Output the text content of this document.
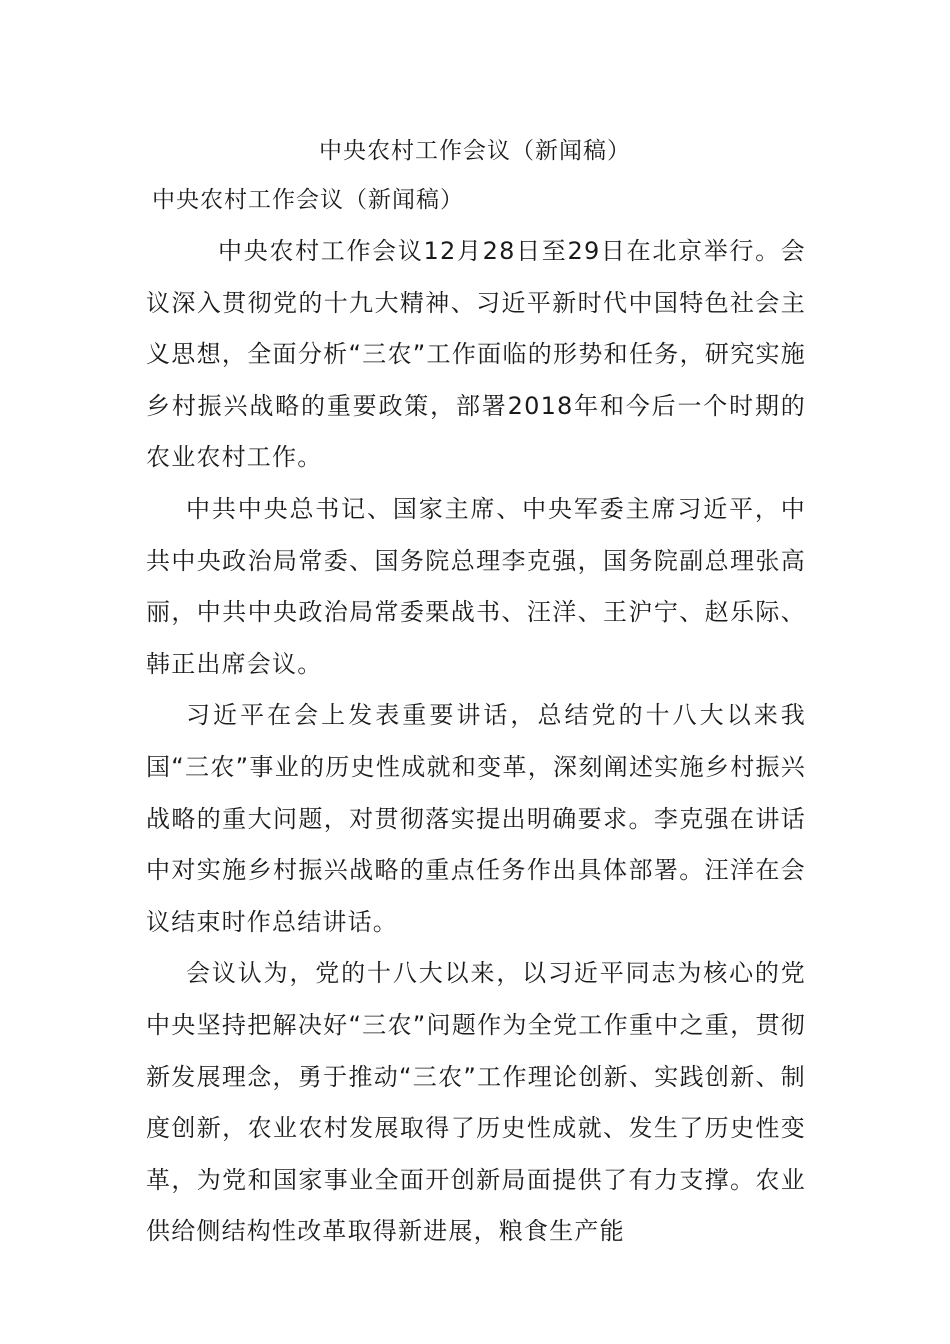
中央农村工作会议（新闻稿）
中央农村工作会议（新闻稿）

中央农村工作会议12月28日至29日在北京举行。会议深入贯彻党的十九大精神、习近平新时代中国特色社会主义思想，全面分析“三农”工作面临的形势和任务，研究实施乡村振兴战略的重要政策，部署2018年和今后一个时期的农业农村工作。

中共中央总书记、国家主席、中央军委主席习近平，中共中央政治局常委、国务院总理李克强，国务院副总理张高丽，中共中央政治局常委栗战书、汪洋、王沪宁、赵乐际、韩正出席会议。

习近平在会上发表重要讲话，总结党的十八大以来我国“三农”事业的历史性成就和变革，深刻阐述实施乡村振兴战略的重大问题，对贯彻落实提出明确要求。李克强在讲话中对实施乡村振兴战略的重点任务作出具体部署。汪洋在会议结束时作总结讲话。

会议认为，党的十八大以来，以习近平同志为核心的党中央坚持把解决好“三农”问题作为全党工作重中之重，贯彻新发展理念，勇于推动“三农”工作理论创新、实践创新、制度创新，农业农村发展取得了历史性成就、发生了历史性变革，为党和国家事业全面开创新局面提供了有力支撑。农业供给侧结构性改革取得新进展，粮食生产能
